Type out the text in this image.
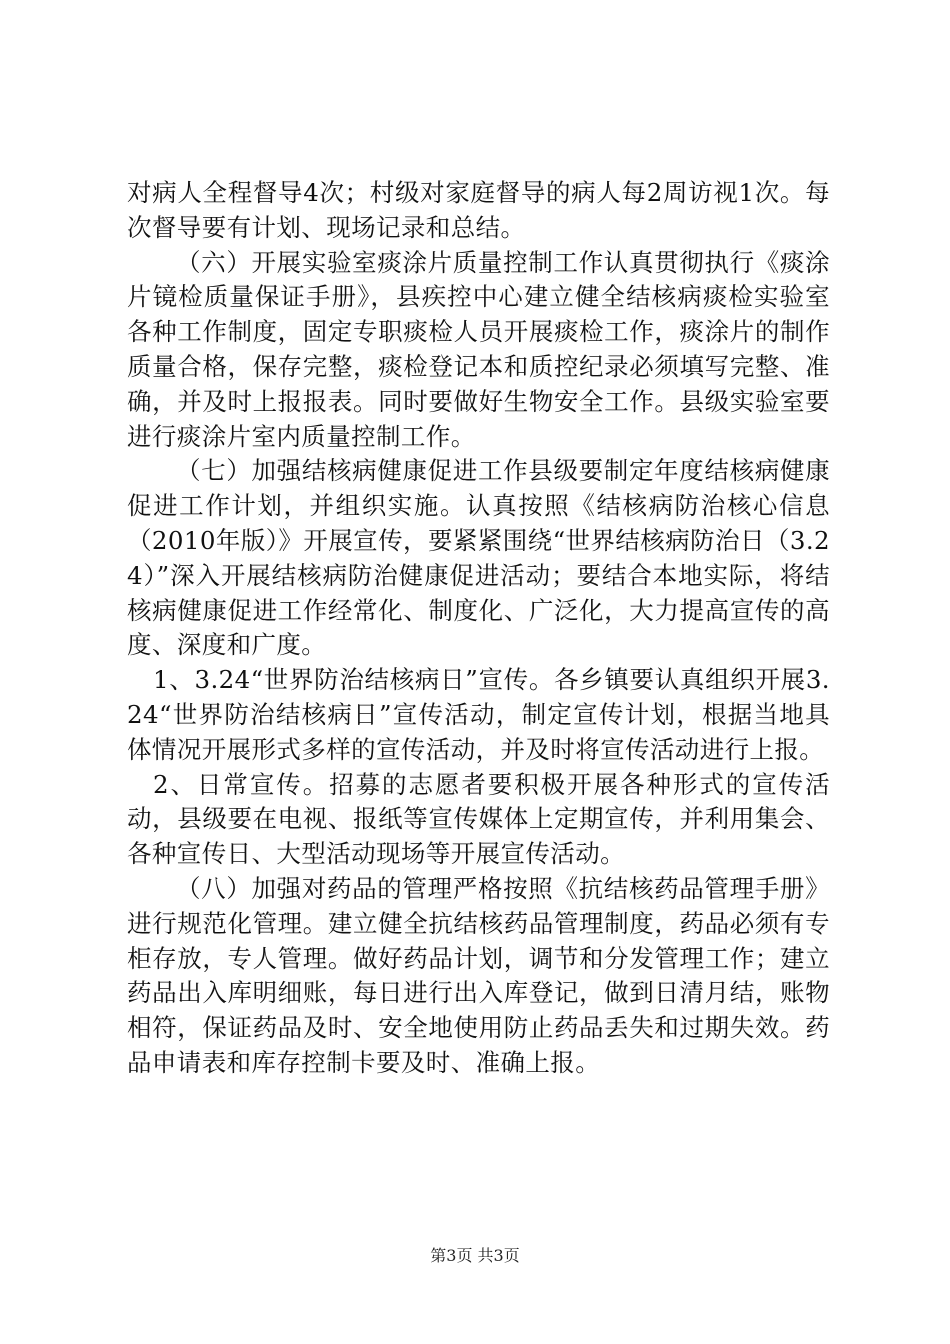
对病人全程督导4次；村级对家庭督导的病人每2周访视1次。每次督导要有计划、现场记录和总结。

（六）开展实验室痰涂片质量控制工作认真贯彻执行《痰涂片镜检质量保证手册》，县疾控中心建立健全结核病痰检实验室各种工作制度，固定专职痰检人员开展痰检工作，痰涂片的制作质量合格，保存完整，痰检登记本和质控纪录必须填写完整、准确，并及时上报报表。同时要做好生物安全工作。县级实验室要进行痰涂片室内质量控制工作。

（七）加强结核病健康促进工作县级要制定年度结核病健康促进工作计划，并组织实施。认真按照《结核病防治核心信息（2010年版）》开展宣传，要紧紧围绕“世界结核病防治日（3.24）”深入开展结核病防治健康促进活动；要结合本地实际，将结核病健康促进工作经常化、制度化、广泛化，大力提高宣传的高度、深度和广度。

1、3.24“世界防治结核病日”宣传。各乡镇要认真组织开展3.24“世界防治结核病日”宣传活动，制定宣传计划，根据当地具体情况开展形式多样的宣传活动，并及时将宣传活动进行上报。

2、日常宣传。招募的志愿者要积极开展各种形式的宣传活动，县级要在电视、报纸等宣传媒体上定期宣传，并利用集会、各种宣传日、大型活动现场等开展宣传活动。

（八）加强对药品的管理严格按照《抗结核药品管理手册》进行规范化管理。建立健全抗结核药品管理制度，药品必须有专柜存放，专人管理。做好药品计划，调节和分发管理工作；建立药品出入库明细账，每日进行出入库登记，做到日清月结，账物相符，保证药品及时、安全地使用防止药品丢失和过期失效。药品申请表和库存控制卡要及时、准确上报。

第3页 共3页
